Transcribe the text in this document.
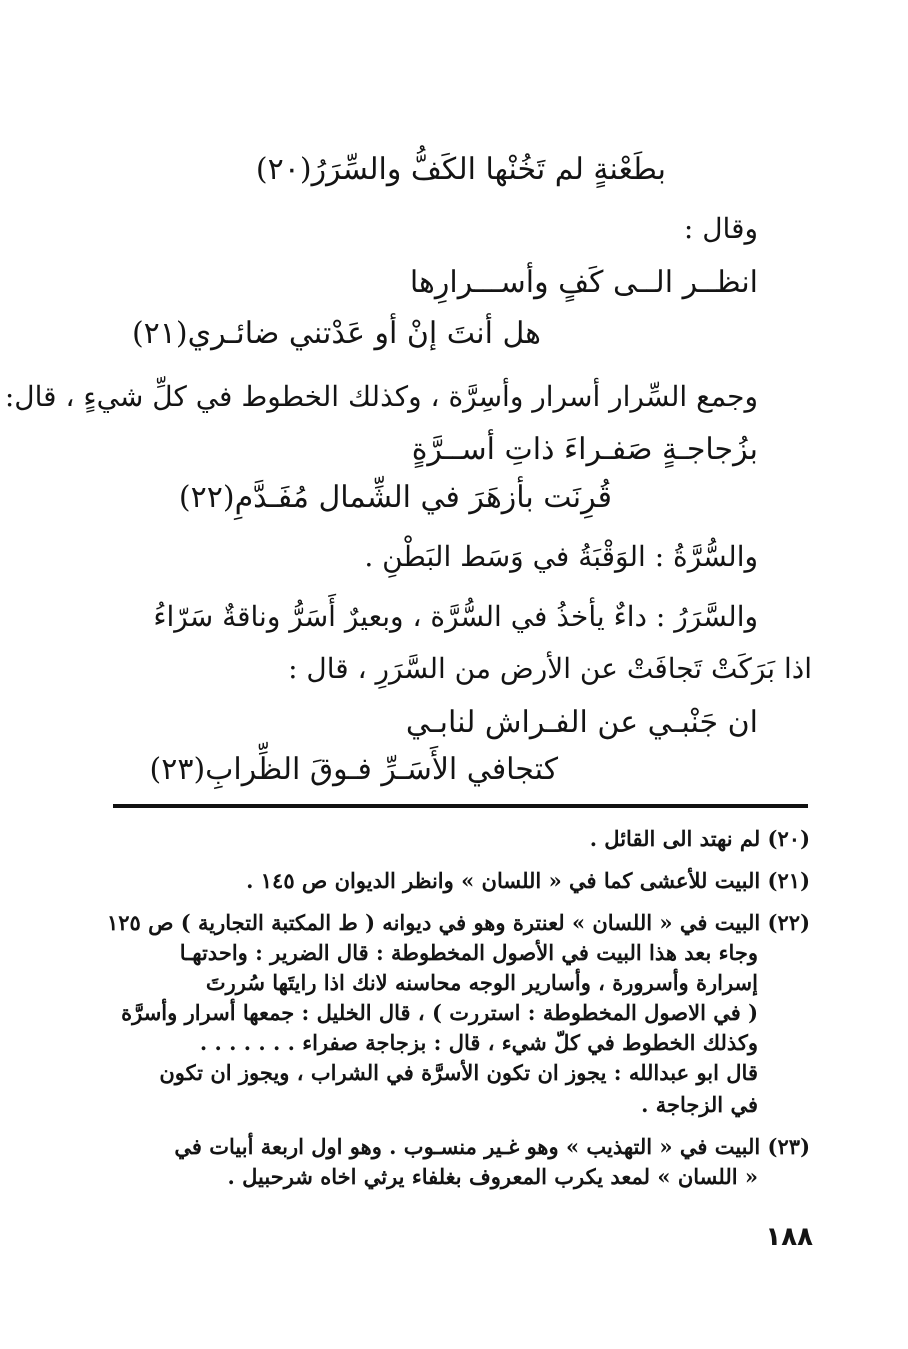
بطَعْنةٍ لم تَخُنْها الكَفُّ والسِّرَرُ(٢٠)
وقال :
انظــر الــى كَفٍ وأســـرارِها
هل أنتَ إنْ أو عَدْتني ضائـري(٢١)
وجمع السِّرار أسرار وأسِرَّة ، وكذلك الخطوط في كلِّ شيءٍ ، قال:
بزُجاجـةٍ صَفـراءَ ذاتِ أســرَّةٍ
قُرِنَت بأزهَرَ في الشِّمال مُفَـدَّمِ(٢٢)
والسُّرَّةُ : الوَقْبَةُ في وَسَط البَطْنِ .
والسَّرَرُ : داءٌ يأخذُ في السُّرَّة ، وبعيرٌ أَسَرُّ وناقةٌ سَرّاءُ
اذا بَرَكَتْ تَجافَتْ عن الأرض من السَّرَرِ ، قال :
ان جَنْبـي عن الفـراش لنابـي
كتجافي الأَسَـرِّ فـوقَ الظِّرابِ(٢٣)
(٢٠) لم نهتد الى القائل .
(٢١) البيت للأعشى كما في « اللسان » وانظر الديوان ص ١٤٥ .
(٢٢) البيت في « اللسان » لعنترة وهو في ديوانه ( ط المكتبة التجارية ) ص ١٢٥
وجاء بعد هذا البيت في الأصول المخطوطة : قال الضرير : واحدتهـا
إسرارة وأسرورة ، وأسارير الوجه محاسنه لانك اذا رايتَها سُررتَ
( في الاصول المخطوطة : استررت ) ، قال الخليل : جمعها أسرار وأسرَّة
وكذلك الخطوط في كلّ شيء ، قال : بزجاجة صفراء . . . . . . .
قال ابو عبدالله : يجوز ان تكون الأسرَّة في الشراب ، ويجوز ان تكون
في الزجاجة .
(٢٣) البيت في « التهذيب » وهو غـير منسـوب . وهو اول اربعة أبيات في
« اللسان » لمعد يكرب المعروف بغلفاء يرثي اخاه شرحبيل .
١٨٨
